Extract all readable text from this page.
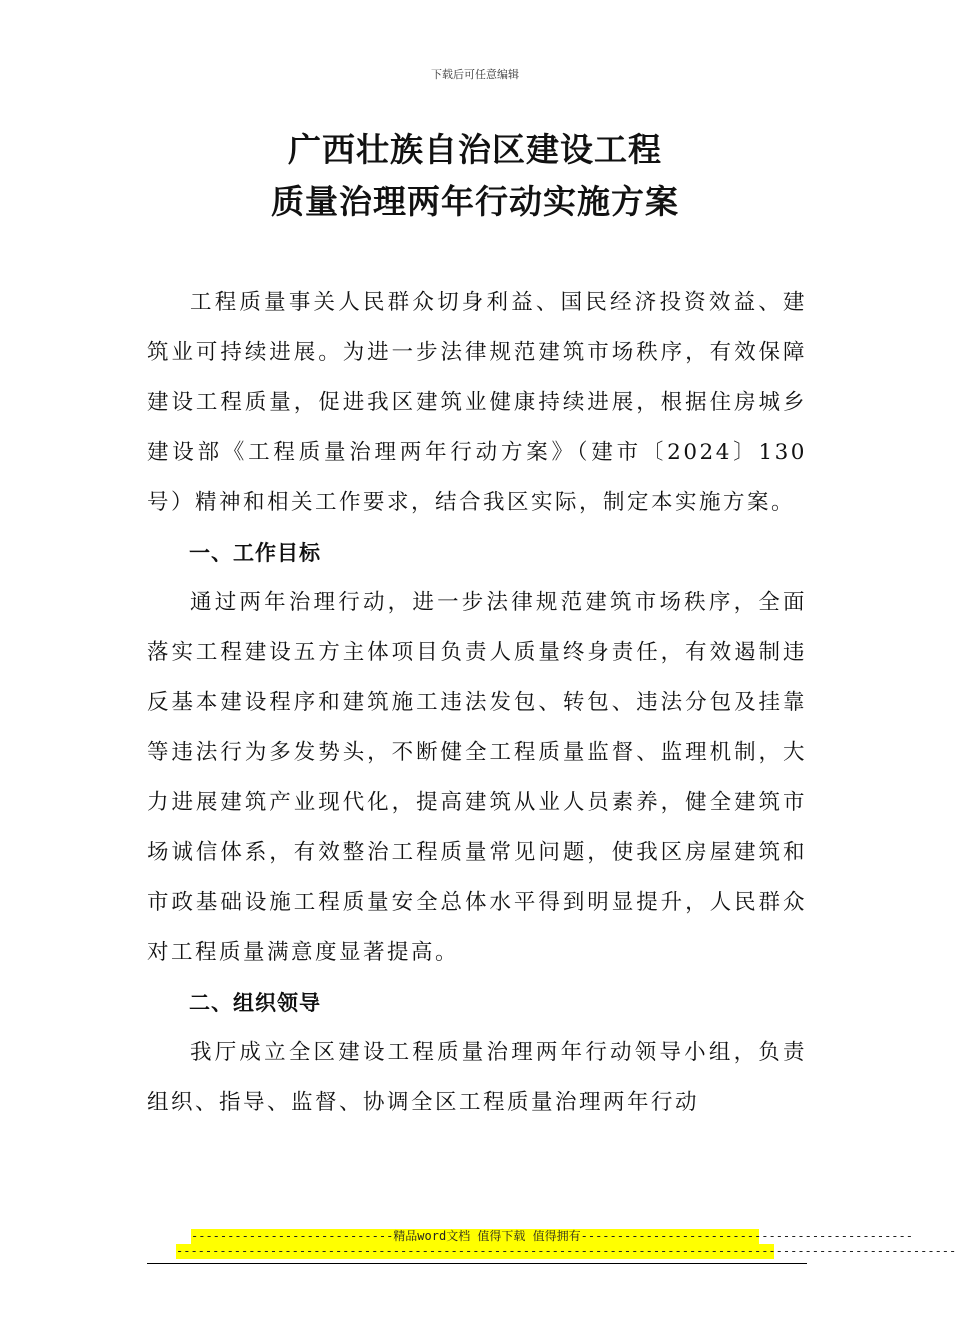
下载后可任意编辑
广西壮族自治区建设工程
质量治理两年行动实施方案

工程质量事关人民群众切身利益、国民经济投资效益、建筑业可持续进展。为进一步法律规范建筑市场秩序，有效保障建设工程质量，促进我区建筑业健康持续进展，根据住房城乡建设部《工程质量治理两年行动方案》（建市〔2024〕130号）精神和相关工作要求，结合我区实际，制定本实施方案。

一、工作目标

通过两年治理行动，进一步法律规范建筑市场秩序，全面落实工程建设五方主体项目负责人质量终身责任，有效遏制违反基本建设程序和建筑施工违法发包、转包、违法分包及挂靠等违法行为多发势头，不断健全工程质量监督、监理机制，大力进展建筑产业现代化，提高建筑从业人员素养，健全建筑市场诚信体系，有效整治工程质量常见问题，使我区房屋建筑和市政基础设施工程质量安全总体水平得到明显提升，人民群众对工程质量满意度显著提高。

二、组织领导

我厅成立全区建设工程质量治理两年行动领导小组，负责组织、指导、监督、协调全区工程质量治理两年行动

----------------------------精品word文档 值得下载 值得拥有----------------------------------------------
------------------------------------------------------------------------------------------------------------
